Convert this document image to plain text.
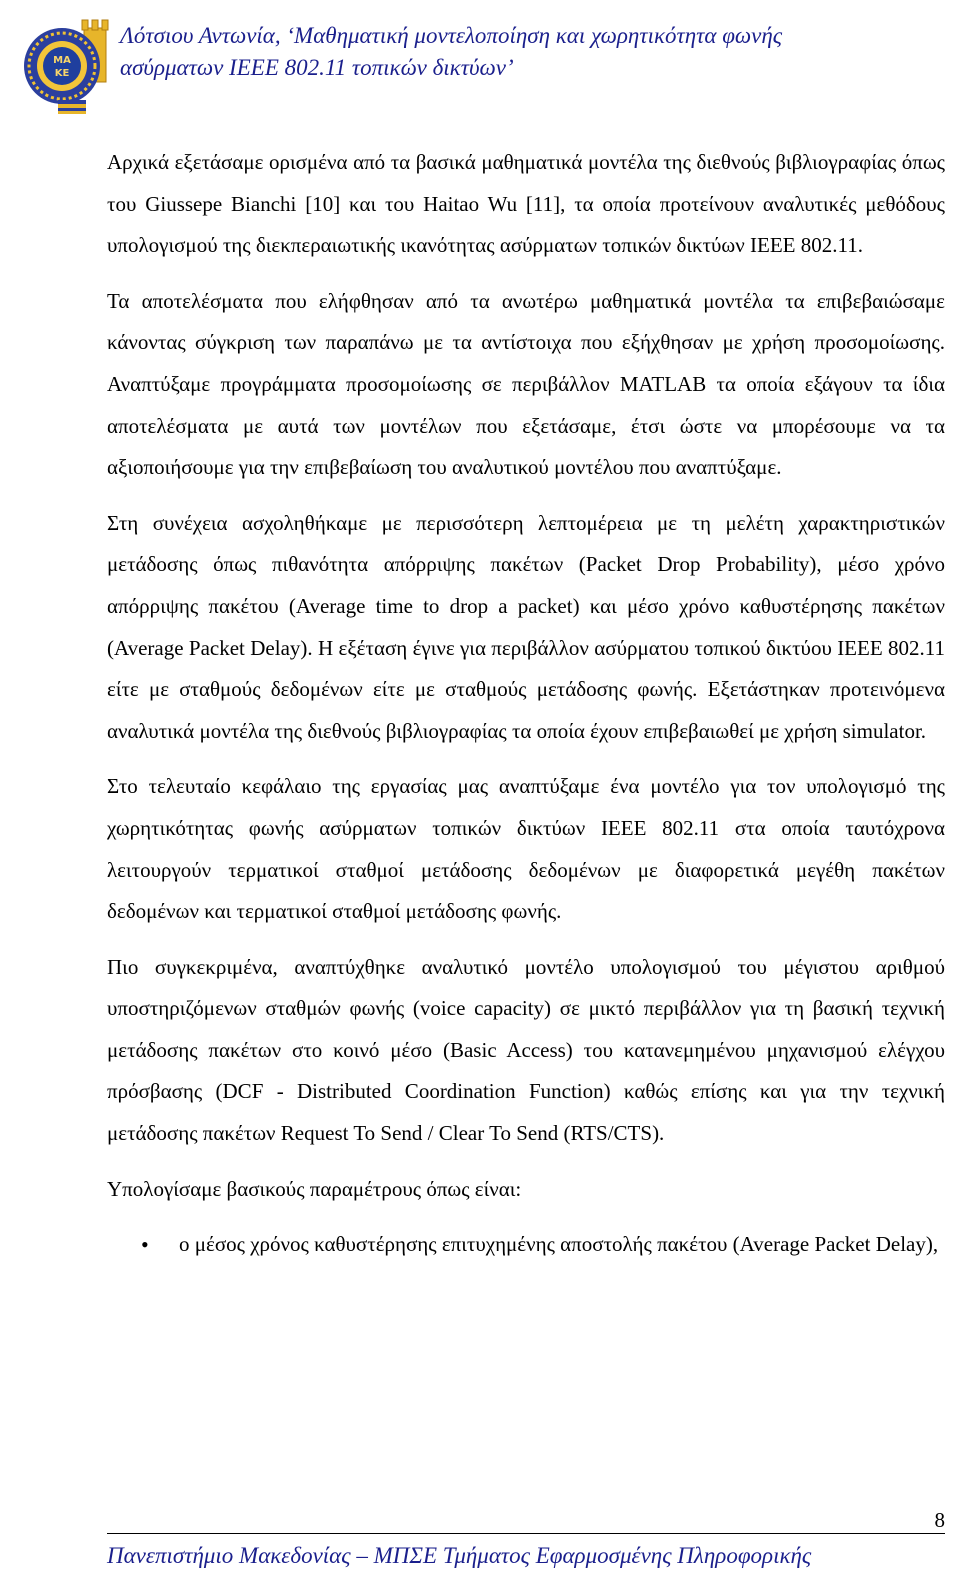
ΜΑ
ΚΕ
Λότσιου Αντωνία, ‘Μαθηματική μοντελοποίηση και χωρητικότητα φωνής
ασύρματων IEEE 802.11 τοπικών δικτύων’

Αρχικά εξετάσαμε ορισμένα από τα βασικά μαθηματικά μοντέλα της διεθνούς βιβλιογραφίας όπως του Giussepe Bianchi [10] και του Haitao Wu [11], τα οποία προτείνουν αναλυτικές μεθόδους υπολογισμού της διεκπεραιωτικής ικανότητας ασύρματων τοπικών δικτύων IEEE 802.11.

Τα αποτελέσματα που ελήφθησαν από τα ανωτέρω μαθηματικά μοντέλα τα επιβεβαιώσαμε κάνοντας σύγκριση των παραπάνω με τα αντίστοιχα που εξήχθησαν με χρήση προσομοίωσης. Αναπτύξαμε προγράμματα προσομοίωσης σε περιβάλλον MATLAB τα οποία εξάγουν τα ίδια αποτελέσματα με αυτά των μοντέλων που εξετάσαμε, έτσι ώστε να μπορέσουμε να τα αξιοποιήσουμε για την επιβεβαίωση του αναλυτικού μοντέλου που αναπτύξαμε.

Στη συνέχεια ασχοληθήκαμε με περισσότερη λεπτομέρεια με τη μελέτη χαρακτηριστικών μετάδοσης όπως πιθανότητα απόρριψης πακέτων (Packet Drop Probability), μέσο χρόνο απόρριψης πακέτου (Average time to drop a packet) και μέσο χρόνο καθυστέρησης πακέτων (Average Packet Delay). Η εξέταση έγινε για περιβάλλον ασύρματου τοπικού δικτύου IEEE 802.11 είτε με σταθμούς δεδομένων είτε με σταθμούς μετάδοσης φωνής. Εξετάστηκαν προτεινόμενα αναλυτικά μοντέλα της διεθνούς βιβλιογραφίας τα οποία έχουν επιβεβαιωθεί με χρήση simulator.

Στο τελευταίο κεφάλαιο της εργασίας μας αναπτύξαμε ένα μοντέλο για τον υπολογισμό της χωρητικότητας φωνής ασύρματων τοπικών δικτύων IEEE 802.11 στα οποία ταυτόχρονα λειτουργούν τερματικοί σταθμοί μετάδοσης δεδομένων με διαφορετικά μεγέθη πακέτων δεδομένων και τερματικοί σταθμοί μετάδοσης φωνής.

Πιο συγκεκριμένα, αναπτύχθηκε αναλυτικό μοντέλο υπολογισμού του μέγιστου αριθμού υποστηριζόμενων σταθμών φωνής (voice capacity) σε μικτό περιβάλλον για τη βασική τεχνική μετάδοσης πακέτων στο κοινό μέσο (Basic Access) του κατανεμημένου μηχανισμού ελέγχου πρόσβασης (DCF - Distributed Coordination Function) καθώς επίσης και για την τεχνική μετάδοσης πακέτων Request To Send / Clear To Send (RTS/CTS).

Υπολογίσαμε βασικούς παραμέτρους όπως είναι:

• ο μέσος χρόνος καθυστέρησης επιτυχημένης αποστολής πακέτου (Average Packet Delay),
8
Πανεπιστήμιο Μακεδονίας – ΜΠΣΕ Τμήματος Εφαρμοσμένης Πληροφορικής
